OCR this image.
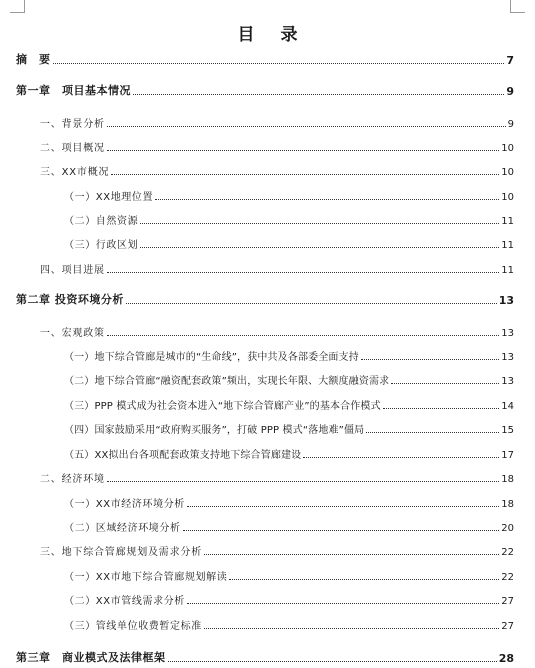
目 录
摘　要	7
第一章　项目基本情况	9
一、背景分析	9
二、项目概况	10
三、XX市概况	10
（一）XX地理位置	10
（二）自然资源	11
（三）行政区划	11
四、项目进展	11
第二章 投资环境分析	13
一、宏观政策	13
（一）地下综合管廊是城市的“生命线”，获中共及各部委全面支持	13
（二）地下综合管廊“融资配套政策”频出，实现长年限、大额度融资需求	13
（三）PPP 模式成为社会资本进入“地下综合管廊产业”的基本合作模式	14
（四）国家鼓励采用“政府购买服务”，打破 PPP 模式“落地难”僵局	15
（五）XX拟出台各项配套政策支持地下综合管廊建设	17
二、经济环境	18
（一）XX市经济环境分析	18
（二）区域经济环境分析	20
三、地下综合管廊规划及需求分析	22
（一）XX市地下综合管廊规划解读	22
（二）XX市管线需求分析	27
（三）管线单位收费暂定标准	27
第三章　商业模式及法律框架	28
